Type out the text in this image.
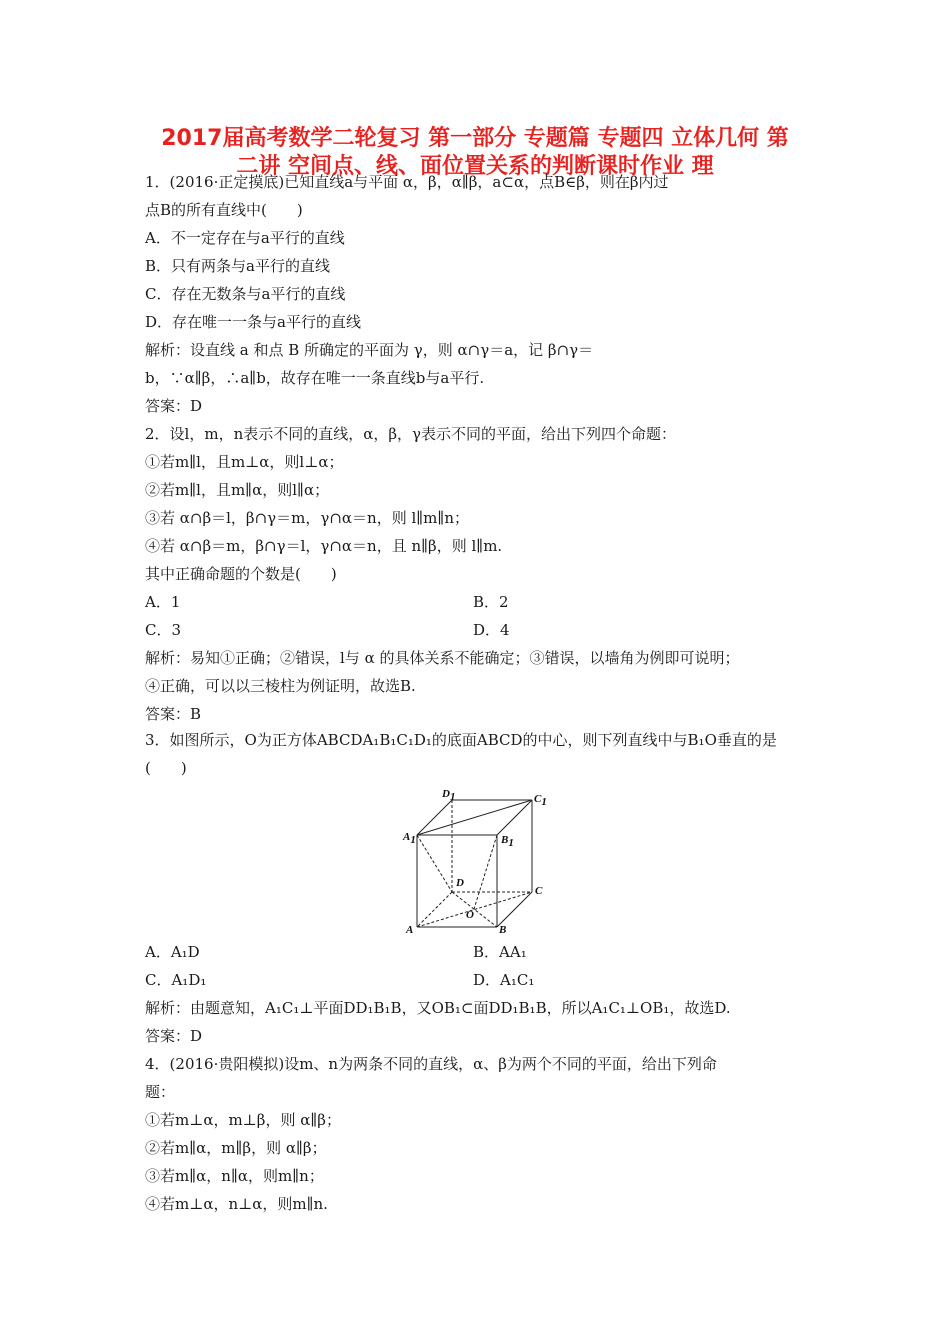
2017届高考数学二轮复习 第一部分 专题篇 专题四 立体几何 第
二讲 空间点、线、面位置关系的判断课时作业 理
1．(2016·正定摸底)已知直线a与平面 α，β，α∥β，a⊂α，点B∈β，则在β内过
点B的所有直线中(　　)
A．不一定存在与a平行的直线
B．只有两条与a平行的直线
C．存在无数条与a平行的直线
D．存在唯一一条与a平行的直线
解析：设直线 a 和点 B 所确定的平面为 γ，则 α∩γ＝a，记 β∩γ＝
b，∵α∥β，∴a∥b，故存在唯一一条直线b与a平行.
答案：D
2．设l，m，n表示不同的直线，α，β，γ表示不同的平面，给出下列四个命题：
①若m∥l，且m⊥α，则l⊥α；
②若m∥l，且m∥α，则l∥α；
③若 α∩β＝l，β∩γ＝m，γ∩α＝n，则 l∥m∥n；
④若 α∩β＝m，β∩γ＝l，γ∩α＝n，且 n∥β，则 l∥m.
其中正确命题的个数是(　　)
A．1	B．2
C．3	D．4
解析：易知①正确；②错误，l与 α 的具体关系不能确定；③错误，以墙角为例即可说明；
④正确，可以以三棱柱为例证明，故选B.
答案：B
3．如图所示，O为正方体ABCDA₁B₁C₁D₁的底面ABCD的中心，则下列直线中与B₁O垂直的是
(　　)
D1	C1
A1	B1
D
C
O
A	B
A．A₁D	B．AA₁
C．A₁D₁	D．A₁C₁
解析：由题意知，A₁C₁⊥平面DD₁B₁B，又OB₁⊂面DD₁B₁B，所以A₁C₁⊥OB₁，故选D.
答案：D
4．(2016·贵阳模拟)设m、n为两条不同的直线，α、β为两个不同的平面，给出下列命
题：
①若m⊥α，m⊥β，则 α∥β；
②若m∥α，m∥β，则 α∥β；
③若m∥α，n∥α，则m∥n；
④若m⊥α，n⊥α，则m∥n.
